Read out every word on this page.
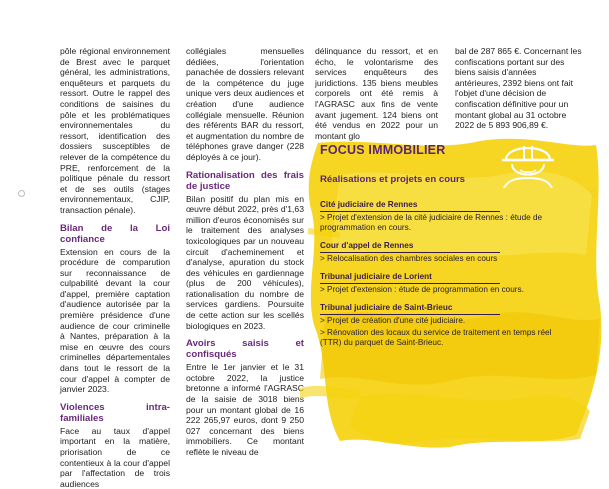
pôle régional environnement de Brest avec le parquet général, les administrations, enquêteurs et parquets du ressort. Outre le rappel des conditions de saisines du pôle et les problématiques environnementales du ressort, identification des dossiers susceptibles de relever de la compétence du PRE, renforcement de la politique pénale du ressort et de ses outils (stages environnementaux, CJIP, transaction pénale).

Bilan de la Loi confiance

Extension en cours de la procédure de comparution sur reconnaissance de culpabilité devant la cour d'appel, première captation d'audience autorisée par la première présidence d'une audience de cour criminelle à Nantes, préparation à la mise en œuvre des cours criminelles départementales dans tout le ressort de la cour d'appel à compter de janvier 2023.

Violences intra-familiales

Face au taux d'appel important en la matière, priorisation de ce contentieux à la cour d'appel par l'affectation de trois audiences

collégiales mensuelles dédiées, l'orientation panachée de dossiers relevant de la compétence du juge unique vers deux audiences et création d'une audience collégiale mensuelle. Réunion des référents BAR du ressort, et augmentation du nombre de téléphones grave danger (228 déployés à ce jour).

Rationalisation des frais de justice

Bilan positif du plan mis en œuvre début 2022, près d'1,63 million d'euros économisés sur le traitement des analyses toxicologiques par un nouveau circuit d'acheminement et d'analyse, apuration du stock des véhicules en gardiennage (plus de 200 véhicules), rationalisation du nombre de services gardiens. Poursuite de cette action sur les scellés biologiques en 2023.

Avoirs saisis et confisqués

Entre le 1er janvier et le 31 octobre 2022, la justice bretonne a informé l'AGRASC de la saisie de 3018 biens pour un montant global de 16 222 265,97 euros, dont 9 250 027 concernant des biens immobiliers. Ce montant reflète le niveau de

délinquance du ressort, et en écho, le volontarisme des services enquêteurs des juridictions. 135 biens meubles corporels ont été remis à l'AGRASC aux fins de vente avant jugement. 124 biens ont été vendus en 2022 pour un montant glo

bal de 287 865 €. Concernant les confiscations portant sur des biens saisis d'années antérieures, 2392 biens ont fait l'objet d'une décision de confiscation définitive pour un montant global au 31 octobre 2022 de 5 893 906,89 €.

FOCUS IMMOBILIER
Réalisations et projets en cours
Cité judiciaire de Rennes
> Projet d'extension de la cité judiciaire de Rennes : étude de programmation en cours.
Cour d'appel de Rennes
> Relocalisation des chambres sociales en cours
Tribunal judiciaire de Lorient
> Projet d'extension : étude de programmation en cours.
Tribunal judiciaire de Saint-Brieuc
> Projet de création d'une cité judiciaire.
> Rénovation des locaux du service de traitement en temps réel (TTR) du parquet de Saint-Brieuc.
